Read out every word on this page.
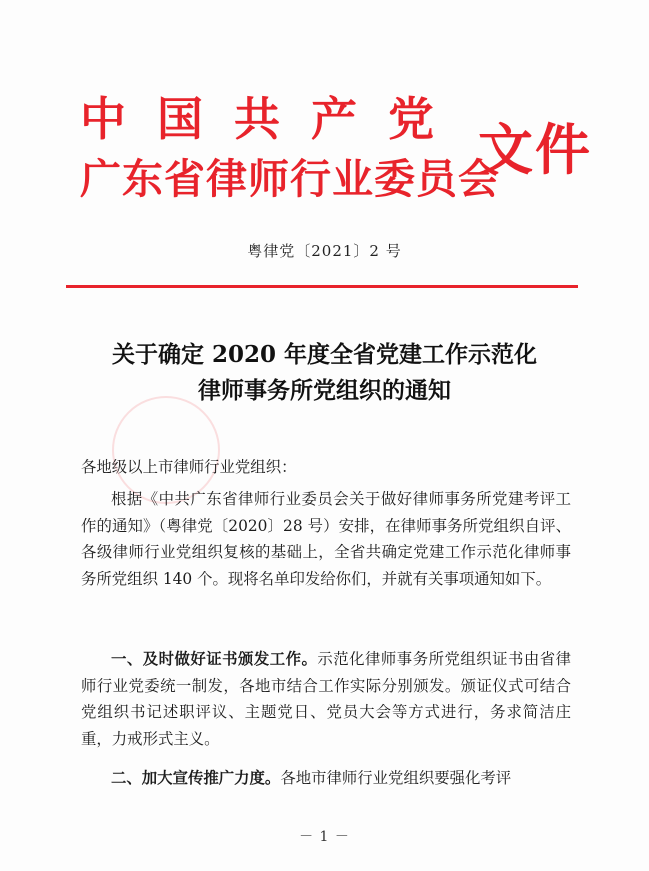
中国共产党
广东省律师行业委员会
文件
粤律党〔2021〕2 号
关于确定 2020 年度全省党建工作示范化
律师事务所党组织的通知
各地级以上市律师行业党组织：

根据《中共广东省律师行业委员会关于做好律师事务所党建考评工作的通知》（粤律党〔2020〕28 号）安排，在律师事务所党组织自评、各级律师行业党组织复核的基础上，全省共确定党建工作示范化律师事务所党组织 140 个。现将名单印发给你们，并就有关事项通知如下。

一、及时做好证书颁发工作。示范化律师事务所党组织证书由省律师行业党委统一制发，各地市结合工作实际分别颁发。颁证仪式可结合党组织书记述职评议、主题党日、党员大会等方式进行，务求简洁庄重，力戒形式主义。

二、加大宣传推广力度。各地市律师行业党组织要强化考评

－ 1 －
